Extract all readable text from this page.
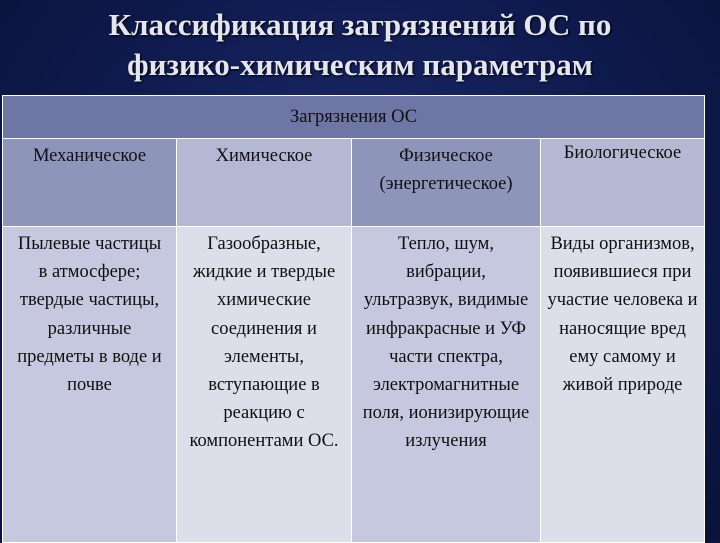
Классификация загрязнений ОС по
физико-химическим параметрам
Загрязнения ОС			
Механическое	Химическое	Физическое (энергетическое)	Биологическое
Пылевые частицы в атмосфере; твердые частицы, различные предметы в воде и почве	Газообразные, жидкие и твердые химические соединения и элементы, вступающие в реакцию с компонентами ОС.	Тепло, шум, вибрации, ультразвук, видимые инфракрасные и УФ части спектра, электромагнитные поля, ионизирующие излучения	Виды организмов, появившиеся при участие человека и наносящие вред ему самому и живой природе
